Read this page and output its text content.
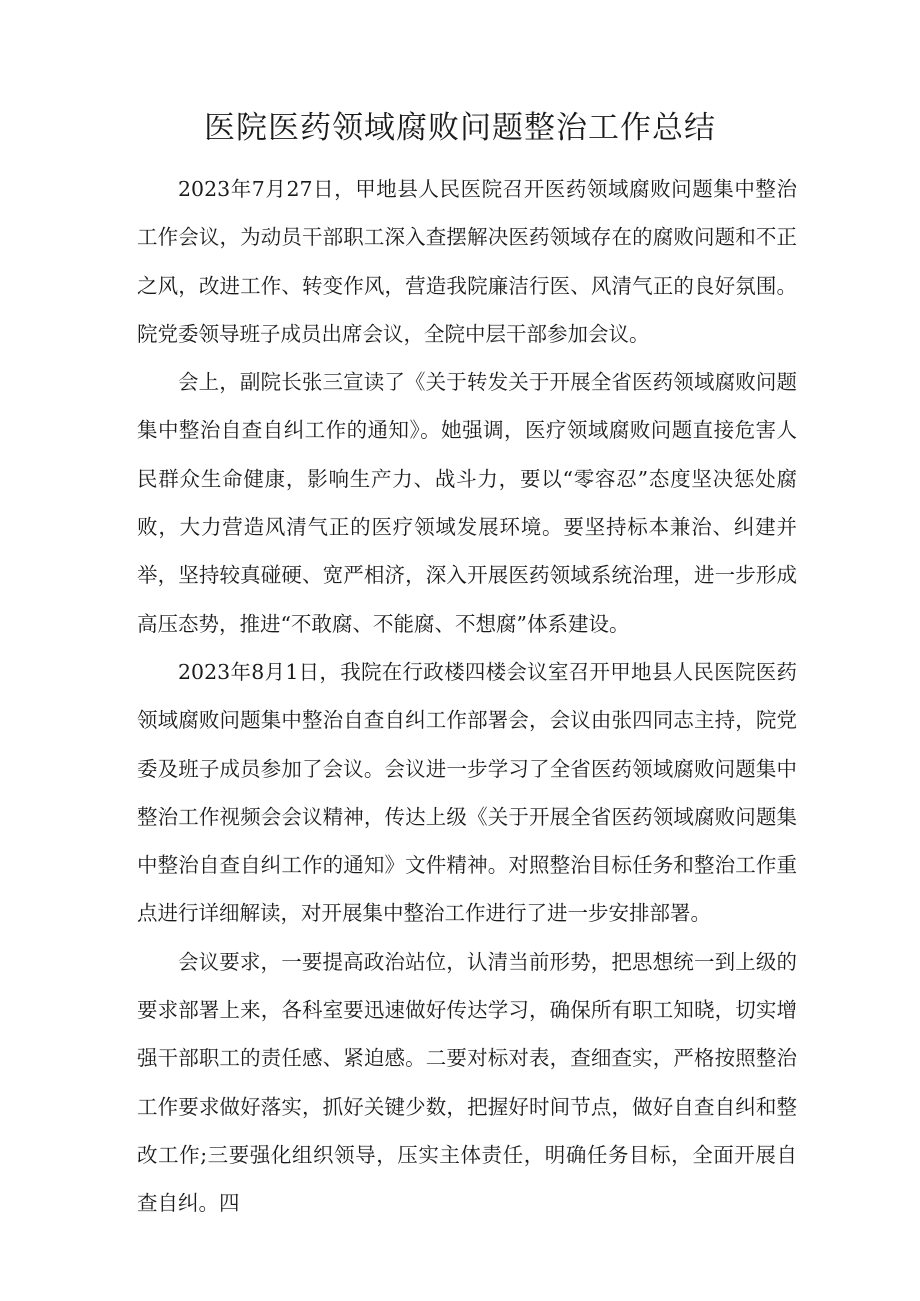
医院医药领域腐败问题整治工作总结

2023年7月27日，甲地县人民医院召开医药领域腐败问题集中整治工作会议，为动员干部职工深入查摆解决医药领域存在的腐败问题和不正之风，改进工作、转变作风，营造我院廉洁行医、风清气正的良好氛围。院党委领导班子成员出席会议，全院中层干部参加会议。

会上，副院长张三宣读了《关于转发关于开展全省医药领域腐败问题集中整治自查自纠工作的通知》。她强调，医疗领域腐败问题直接危害人民群众生命健康，影响生产力、战斗力，要以“零容忍”态度坚决惩处腐败，大力营造风清气正的医疗领域发展环境。要坚持标本兼治、纠建并举，坚持较真碰硬、宽严相济，深入开展医药领域系统治理，进一步形成高压态势，推进“不敢腐、不能腐、不想腐”体系建设。

2023年8月1日，我院在行政楼四楼会议室召开甲地县人民医院医药领域腐败问题集中整治自查自纠工作部署会，会议由张四同志主持，院党委及班子成员参加了会议。会议进一步学习了全省医药领域腐败问题集中整治工作视频会会议精神，传达上级《关于开展全省医药领域腐败问题集中整治自查自纠工作的通知》文件精神。对照整治目标任务和整治工作重点进行详细解读，对开展集中整治工作进行了进一步安排部署。

会议要求，一要提高政治站位，认清当前形势，把思想统一到上级的要求部署上来，各科室要迅速做好传达学习，确保所有职工知晓，切实增强干部职工的责任感、紧迫感。二要对标对表，查细查实，严格按照整治工作要求做好落实，抓好关键少数，把握好时间节点，做好自查自纠和整改工作;三要强化组织领导，压实主体责任，明确任务目标，全面开展自查自纠。四
